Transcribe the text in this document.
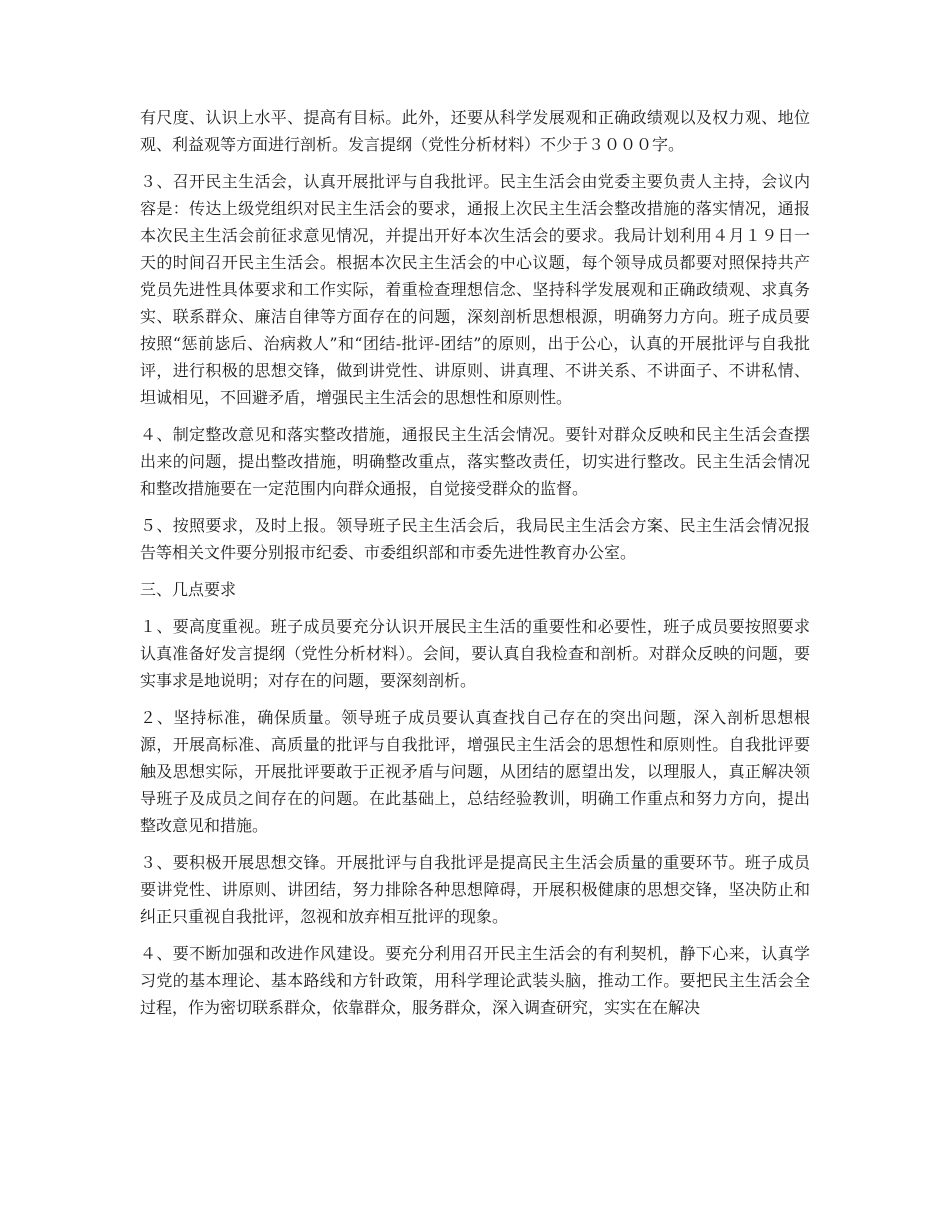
有尺度、认识上水平、提高有目标。此外，还要从科学发展观和正确政绩观以及权力观、地位观、利益观等方面进行剖析。发言提纲（党性分析材料）不少于３０００字。

３、召开民主生活会，认真开展批评与自我批评。民主生活会由党委主要负责人主持，会议内容是：传达上级党组织对民主生活会的要求，通报上次民主生活会整改措施的落实情况，通报本次民主生活会前征求意见情况，并提出开好本次生活会的要求。我局计划利用４月１９日一天的时间召开民主生活会。根据本次民主生活会的中心议题，每个领导成员都要对照保持共产党员先进性具体要求和工作实际，着重检查理想信念、坚持科学发展观和正确政绩观、求真务实、联系群众、廉洁自律等方面存在的问题，深刻剖析思想根源，明确努力方向。班子成员要按照“惩前毖后、治病救人”和“团结-批评-团结”的原则，出于公心，认真的开展批评与自我批评，进行积极的思想交锋，做到讲党性、讲原则、讲真理、不讲关系、不讲面子、不讲私情、坦诚相见，不回避矛盾，增强民主生活会的思想性和原则性。

４、制定整改意见和落实整改措施，通报民主生活会情况。要针对群众反映和民主生活会查摆出来的问题，提出整改措施，明确整改重点，落实整改责任，切实进行整改。民主生活会情况和整改措施要在一定范围内向群众通报，自觉接受群众的监督。

５、按照要求，及时上报。领导班子民主生活会后，我局民主生活会方案、民主生活会情况报告等相关文件要分别报市纪委、市委组织部和市委先进性教育办公室。

三、几点要求

１、要高度重视。班子成员要充分认识开展民主生活的重要性和必要性，班子成员要按照要求认真准备好发言提纲（党性分析材料）。会间，要认真自我检查和剖析。对群众反映的问题，要实事求是地说明；对存在的问题，要深刻剖析。

２、坚持标准，确保质量。领导班子成员要认真查找自己存在的突出问题，深入剖析思想根源，开展高标准、高质量的批评与自我批评，增强民主生活会的思想性和原则性。自我批评要触及思想实际，开展批评要敢于正视矛盾与问题，从团结的愿望出发，以理服人，真正解决领导班子及成员之间存在的问题。在此基础上，总结经验教训，明确工作重点和努力方向，提出整改意见和措施。

３、要积极开展思想交锋。开展批评与自我批评是提高民主生活会质量的重要环节。班子成员要讲党性、讲原则、讲团结，努力排除各种思想障碍，开展积极健康的思想交锋，坚决防止和纠正只重视自我批评，忽视和放弃相互批评的现象。

４、要不断加强和改进作风建设。要充分利用召开民主生活会的有利契机，静下心来，认真学习党的基本理论、基本路线和方针政策，用科学理论武装头脑，推动工作。要把民主生活会全过程，作为密切联系群众，依靠群众，服务群众，深入调查研究，实实在在解决
